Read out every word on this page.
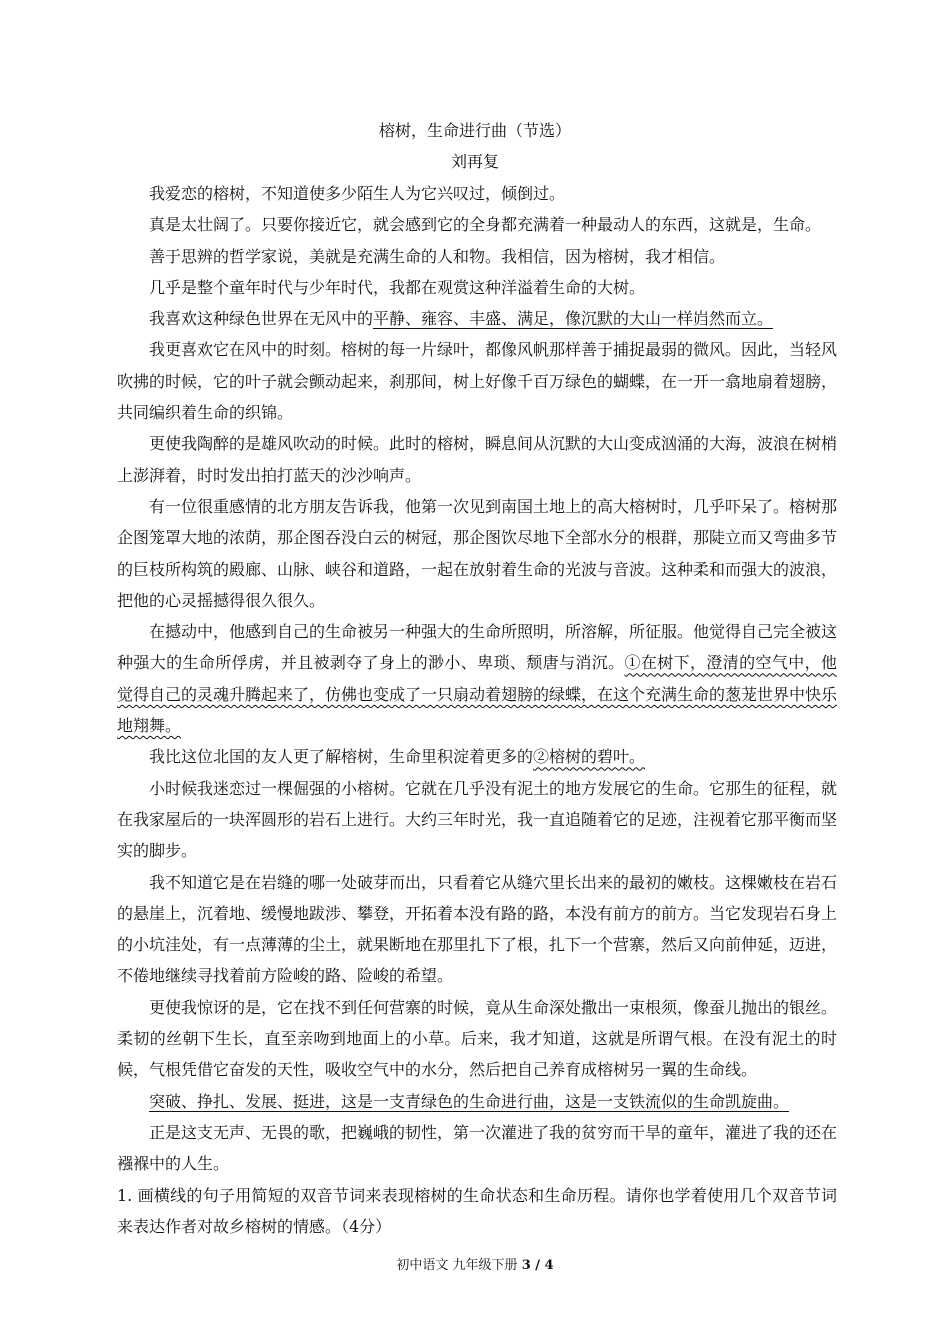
榕树，生命进行曲（节选）
刘再复

我爱恋的榕树，不知道使多少陌生人为它兴叹过，倾倒过。

真是太壮阔了。只要你接近它，就会感到它的全身都充满着一种最动人的东西，这就是，生命。

善于思辨的哲学家说，美就是充满生命的人和物。我相信，因为榕树，我才相信。

几乎是整个童年时代与少年时代，我都在观赏这种洋溢着生命的大树。

我喜欢这种绿色世界在无风中的平静、雍容、丰盛、满足，像沉默的大山一样岿然而立。

我更喜欢它在风中的时刻。榕树的每一片绿叶，都像风帆那样善于捕捉最弱的微风。因此，当轻风吹拂的时候，它的叶子就会颤动起来，刹那间，树上好像千百万绿色的蝴蝶，在一开一翕地扇着翅膀，共同编织着生命的织锦。

更使我陶醉的是雄风吹动的时候。此时的榕树，瞬息间从沉默的大山变成汹涌的大海，波浪在树梢上澎湃着，时时发出拍打蓝天的沙沙响声。

有一位很重感情的北方朋友告诉我，他第一次见到南国土地上的高大榕树时，几乎吓呆了。榕树那企图笼罩大地的浓荫，那企图吞没白云的树冠，那企图饮尽地下全部水分的根群，那陡立而又弯曲多节的巨枝所构筑的殿廊、山脉、峡谷和道路，一起在放射着生命的光波与音波。这种柔和而强大的波浪，把他的心灵摇撼得很久很久。

在撼动中，他感到自己的生命被另一种强大的生命所照明，所溶解，所征服。他觉得自己完全被这种强大的生命所俘虏，并且被剥夺了身上的渺小、卑琐、颓唐与消沉。①在树下，澄清的空气中，他觉得自己的灵魂升腾起来了，仿佛也变成了一只扇动着翅膀的绿蝶，在这个充满生命的葱茏世界中快乐地翔舞。

我比这位北国的友人更了解榕树，生命里积淀着更多的②榕树的碧叶。

小时候我迷恋过一棵倔强的小榕树。它就在几乎没有泥土的地方发展它的生命。它那生的征程，就在我家屋后的一块浑圆形的岩石上进行。大约三年时光，我一直追随着它的足迹，注视着它那平衡而坚实的脚步。

我不知道它是在岩缝的哪一处破芽而出，只看着它从缝穴里长出来的最初的嫩枝。这棵嫩枝在岩石的悬崖上，沉着地、缓慢地跋涉、攀登，开拓着本没有路的路，本没有前方的前方。当它发现岩石身上的小坑洼处，有一点薄薄的尘土，就果断地在那里扎下了根，扎下一个营寨，然后又向前伸延，迈进，不倦地继续寻找着前方险峻的路、险峻的希望。

更使我惊讶的是，它在找不到任何营寨的时候，竟从生命深处撒出一束根须，像蚕儿抛出的银丝。柔韧的丝朝下生长，直至亲吻到地面上的小草。后来，我才知道，这就是所谓气根。在没有泥土的时候，气根凭借它奋发的天性，吸收空气中的水分，然后把自己养育成榕树另一翼的生命线。

突破、挣扎、发展、挺进，这是一支青绿色的生命进行曲，这是一支铁流似的生命凯旋曲。

正是这支无声、无畏的歌，把巍峨的韧性，第一次灌进了我的贫穷而干旱的童年，灌进了我的还在襁褓中的人生。

1. 画横线的句子用简短的双音节词来表现榕树的生命状态和生命历程。请你也学着使用几个双音节词来表达作者对故乡榕树的情感。（4分）

初中语文 九年级下册 3 / 4
